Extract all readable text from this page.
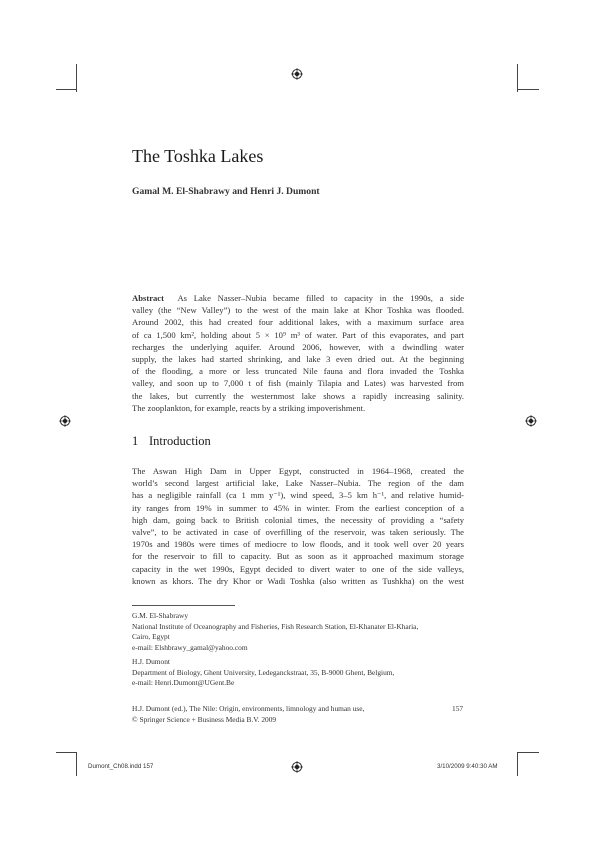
The Toshka Lakes
Gamal M. El-Shabrawy and Henri J. Dumont
Abstract As Lake Nasser–Nubia became filled to capacity in the 1990s, a side
valley (the “New Valley”) to the west of the main lake at Khor Toshka was flooded.
Around 2002, this had created four additional lakes, with a maximum surface area
of ca 1,500 km², holding about 5 × 10⁹ m³ of water. Part of this evaporates, and part
recharges the underlying aquifer. Around 2006, however, with a dwindling water
supply, the lakes had started shrinking, and lake 3 even dried out. At the beginning
of the flooding, a more or less truncated Nile fauna and flora invaded the Toshka
valley, and soon up to 7,000 t of fish (mainly Tilapia and Lates) was harvested from
the lakes, but currently the westernmost lake shows a rapidly increasing salinity.
The zooplankton, for example, reacts by a striking impoverishment.
1 Introduction
The Aswan High Dam in Upper Egypt, constructed in 1964–1968, created the
world’s second largest artificial lake, Lake Nasser–Nubia. The region of the dam
has a negligible rainfall (ca 1 mm y⁻¹), wind speed, 3–5 km h⁻¹, and relative humid-
ity ranges from 19% in summer to 45% in winter. From the earliest conception of a
high dam, going back to British colonial times, the necessity of providing a “safety
valve”, to be activated in case of overfilling of the reservoir, was taken seriously. The
1970s and 1980s were times of mediocre to low floods, and it took well over 20 years
for the reservoir to fill to capacity. But as soon as it approached maximum storage
capacity in the wet 1990s, Egypt decided to divert water to one of the side valleys,
known as khors. The dry Khor or Wadi Toshka (also written as Tushkha) on the west
G.M. El-Shabrawy
National Institute of Oceanography and Fisheries, Fish Research Station, El-Khanater El-Kharia,
Cairo, Egypt
e-mail: Elshbrawy_gamal@yahoo.com
H.J. Dumont
Department of Biology, Ghent University, Ledeganckstraat, 35, B-9000 Ghent, Belgium,
e-mail: Henri.Dumont@UGent.Be
H.J. Dumont (ed.), The Nile: Origin, environments, limnology and human use,
© Springer Science + Business Media B.V. 2009
157
Dumont_Ch08.indd 157	3/10/2009 9:40:30 AM
